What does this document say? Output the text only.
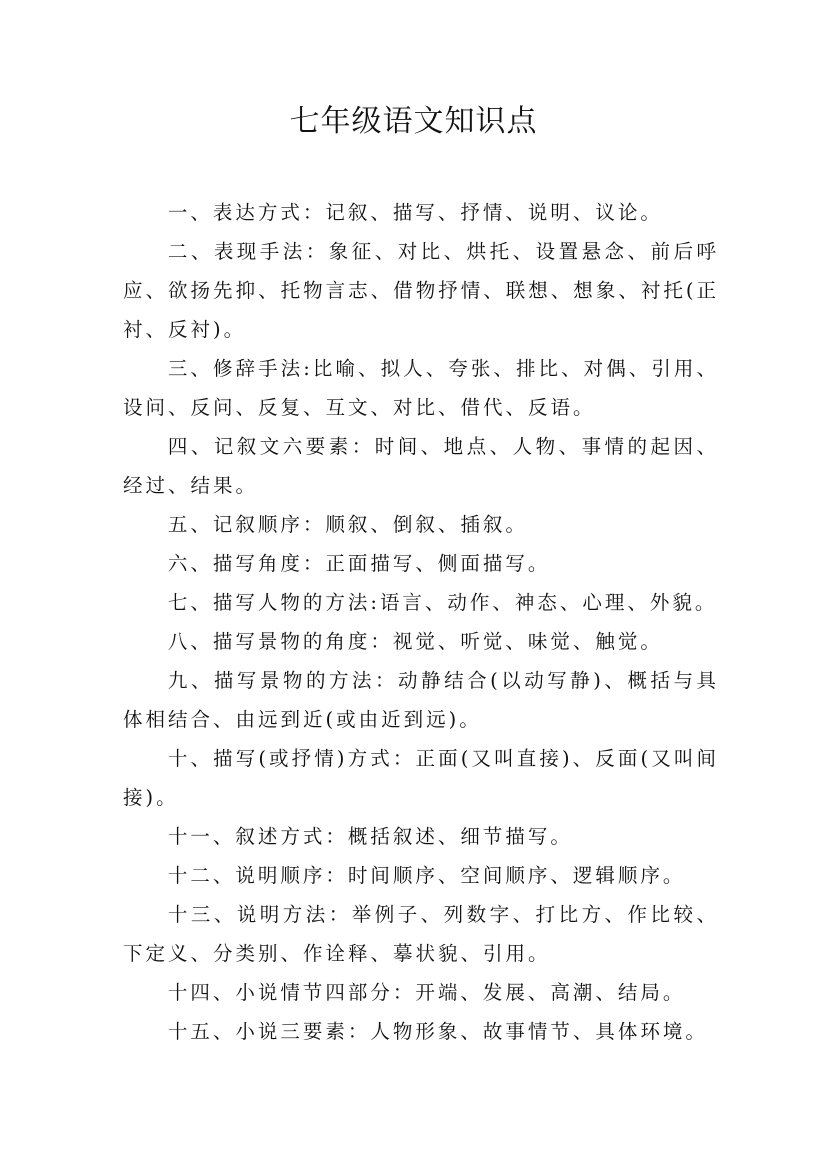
七年级语文知识点

一、表达方式：记叙、描写、抒情、说明、议论。

二、表现手法：象征、对比、烘托、设置悬念、前后呼应、欲扬先抑、托物言志、借物抒情、联想、想象、衬托(正衬、反衬)。

三、修辞手法:比喻、拟人、夸张、排比、对偶、引用、设问、反问、反复、互文、对比、借代、反语。

四、记叙文六要素：时间、地点、人物、事情的起因、经过、结果。

五、记叙顺序：顺叙、倒叙、插叙。

六、描写角度：正面描写、侧面描写。

七、描写人物的方法:语言、动作、神态、心理、外貌。

八、描写景物的角度：视觉、听觉、味觉、触觉。

九、描写景物的方法：动静结合(以动写静)、概括与具体相结合、由远到近(或由近到远)。

十、描写(或抒情)方式：正面(又叫直接)、反面(又叫间接)。

十一、叙述方式：概括叙述、细节描写。

十二、说明顺序：时间顺序、空间顺序、逻辑顺序。

十三、说明方法：举例子、列数字、打比方、作比较、下定义、分类别、作诠释、摹状貌、引用。

十四、小说情节四部分：开端、发展、高潮、结局。

十五、小说三要素：人物形象、故事情节、具体环境。
